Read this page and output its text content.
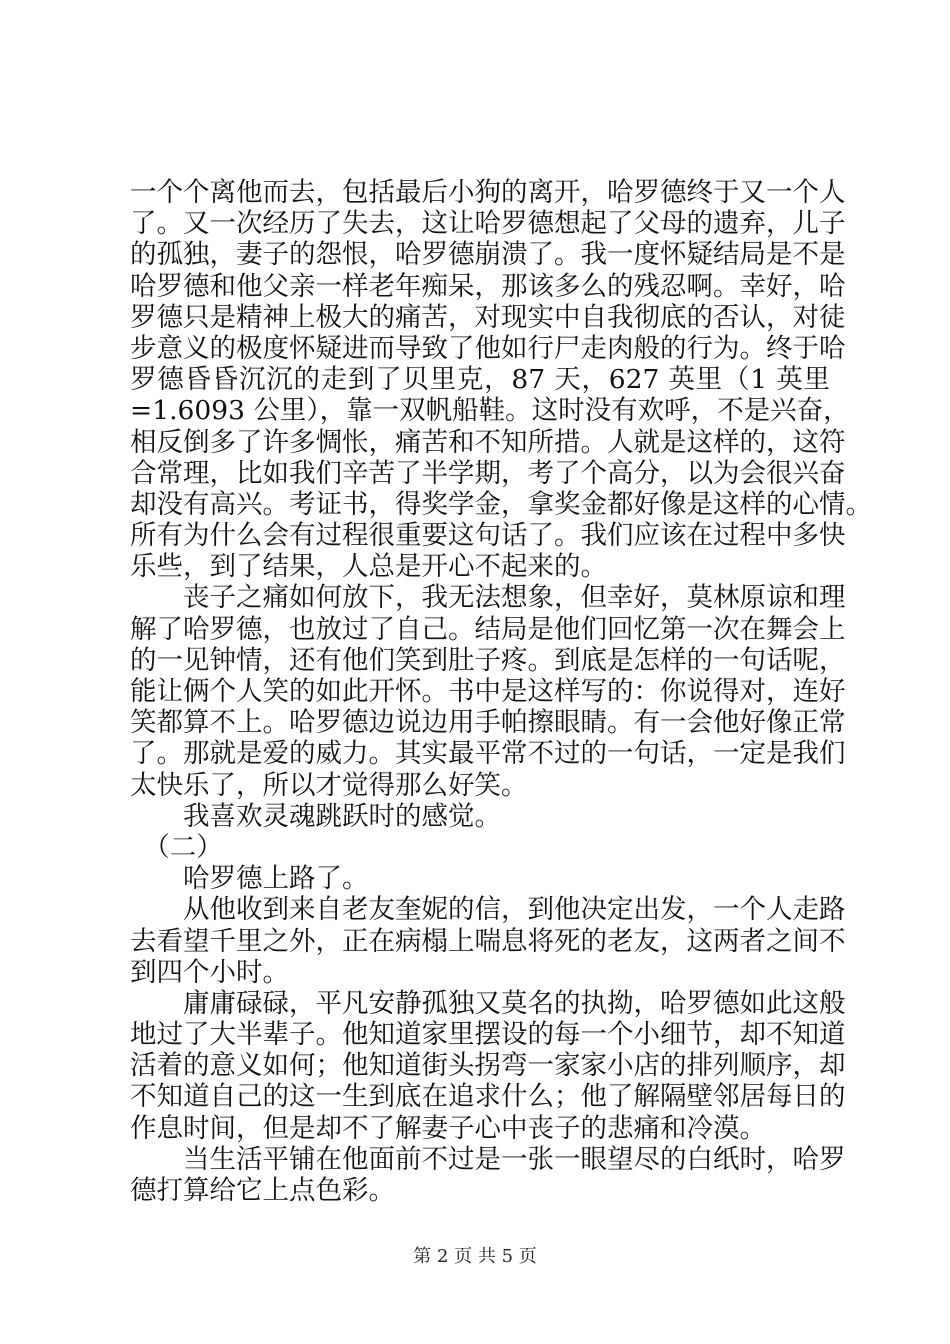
一个个离他而去，包括最后小狗的离开，哈罗德终于又一个人
了。又一次经历了失去，这让哈罗德想起了父母的遗弃，儿子
的孤独，妻子的怨恨，哈罗德崩溃了。我一度怀疑结局是不是
哈罗德和他父亲一样老年痴呆，那该多么的残忍啊。幸好，哈
罗德只是精神上极大的痛苦，对现实中自我彻底的否认，对徒
步意义的极度怀疑进而导致了他如行尸走肉般的行为。终于哈
罗德昏昏沉沉的走到了贝里克，87 天，627 英里（1 英里
=1.6093 公里），靠一双帆船鞋。这时没有欢呼，不是兴奋，
相反倒多了许多惆怅，痛苦和不知所措。人就是这样的，这符
合常理，比如我们辛苦了半学期，考了个高分，以为会很兴奋
却没有高兴。考证书，得奖学金，拿奖金都好像是这样的心情。
所有为什么会有过程很重要这句话了。我们应该在过程中多快
乐些，到了结果，人总是开心不起来的。
　　丧子之痛如何放下，我无法想象，但幸好，莫林原谅和理
解了哈罗德，也放过了自己。结局是他们回忆第一次在舞会上
的一见钟情，还有他们笑到肚子疼。到底是怎样的一句话呢，
能让俩个人笑的如此开怀。书中是这样写的：你说得对，连好
笑都算不上。哈罗德边说边用手帕擦眼睛。有一会他好像正常
了。那就是爱的威力。其实最平常不过的一句话，一定是我们
太快乐了，所以才觉得那么好笑。
　　我喜欢灵魂跳跃时的感觉。
　（二）
　　哈罗德上路了。
　　从他收到来自老友奎妮的信，到他决定出发，一个人走路
去看望千里之外，正在病榻上喘息将死的老友，这两者之间不
到四个小时。
　　庸庸碌碌，平凡安静孤独又莫名的执拗，哈罗德如此这般
地过了大半辈子。他知道家里摆设的每一个小细节，却不知道
活着的意义如何；他知道街头拐弯一家家小店的排列顺序，却
不知道自己的这一生到底在追求什么；他了解隔壁邻居每日的
作息时间，但是却不了解妻子心中丧子的悲痛和冷漠。
　　当生活平铺在他面前不过是一张一眼望尽的白纸时，哈罗
德打算给它上点色彩。
第 2 页 共 5 页
